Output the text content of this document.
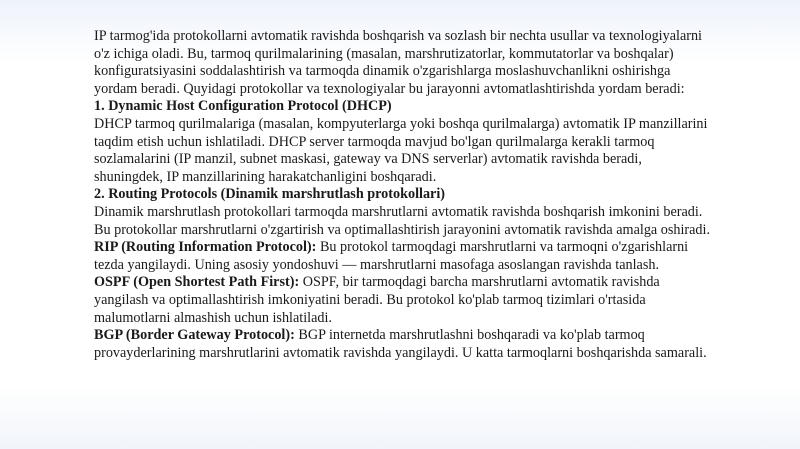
IP tarmog'ida protokollarni avtomatik ravishda boshqarish va sozlash bir nechta usullar va texnologiyalarni o'z ichiga oladi. Bu, tarmoq qurilmalarining (masalan, marshrutizatorlar, kommutatorlar va boshqalar) konfiguratsiyasini soddalashtirish va tarmoqda dinamik o'zgarishlarga moslashuvchanlikni oshirishga yordam beradi. Quyidagi protokollar va texnologiyalar bu jarayonni avtomatlashtirishda yordam beradi:

1. Dynamic Host Configuration Protocol (DHCP)

DHCP tarmoq qurilmalariga (masalan, kompyuterlarga yoki boshqa qurilmalarga) avtomatik IP manzillarini taqdim etish uchun ishlatiladi. DHCP server tarmoqda mavjud bo'lgan qurilmalarga kerakli tarmoq sozlamalarini (IP manzil, subnet maskasi, gateway va DNS serverlar) avtomatik ravishda beradi, shuningdek, IP manzillarining harakatchanligini boshqaradi.

2. Routing Protocols (Dinamik marshrutlash protokollari)

Dinamik marshrutlash protokollari tarmoqda marshrutlarni avtomatik ravishda boshqarish imkonini beradi. Bu protokollar marshrutlarni o'zgartirish va optimallashtirish jarayonini avtomatik ravishda amalga oshiradi.

RIP (Routing Information Protocol): Bu protokol tarmoqdagi marshrutlarni va tarmoqni o'zgarishlarni tezda yangilaydi. Uning asosiy yondoshuvi — marshrutlarni masofaga asoslangan ravishda tanlash.

OSPF (Open Shortest Path First): OSPF, bir tarmoqdagi barcha marshrutlarni avtomatik ravishda yangilash va optimallashtirish imkoniyatini beradi. Bu protokol ko'plab tarmoq tizimlari o'rtasida malumotlarni almashish uchun ishlatiladi.

BGP (Border Gateway Protocol): BGP internetda marshrutlashni boshqaradi va ko'plab tarmoq provaydеrlarining marshrutlarini avtomatik ravishda yangilaydi. U katta tarmoqlarni boshqarishda samarali.
